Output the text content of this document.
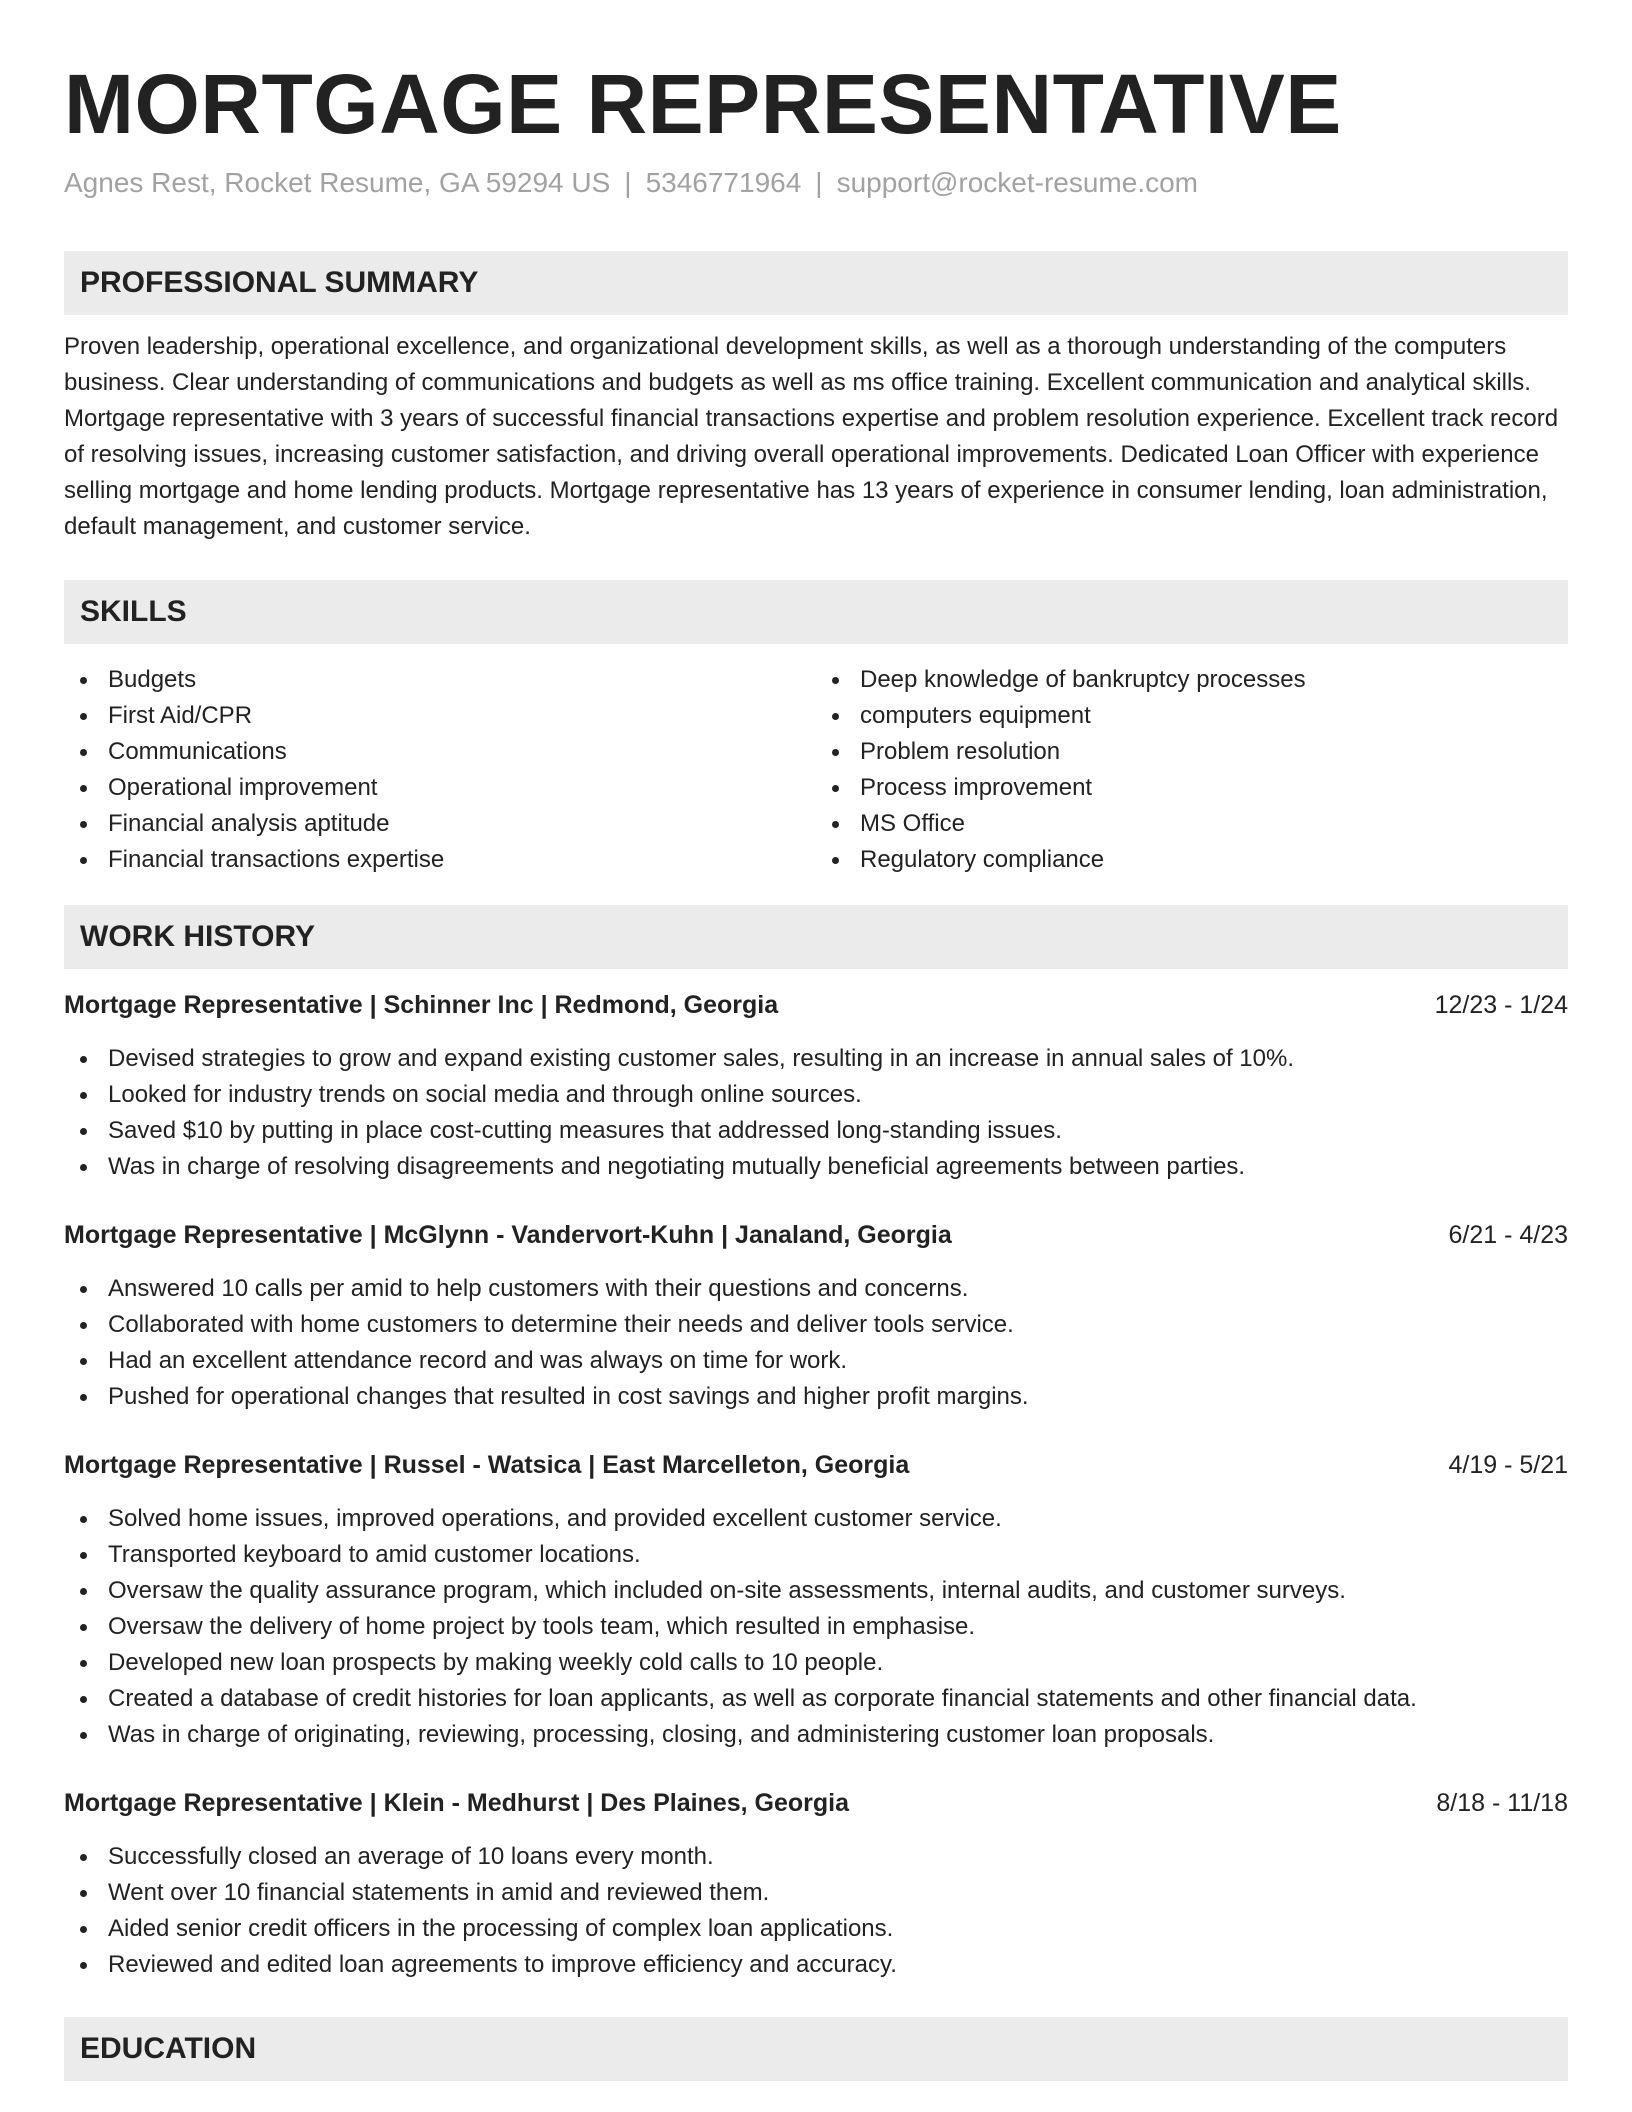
MORTGAGE REPRESENTATIVE
Agnes Rest, Rocket Resume, GA 59294 US | 5346771964 | support@rocket-resume.com
PROFESSIONAL SUMMARY

Proven leadership, operational excellence, and organizational development skills, as well as a thorough understanding of the computers business. Clear understanding of communications and budgets as well as ms office training. Excellent communication and analytical skills. Mortgage representative with 3 years of successful financial transactions expertise and problem resolution experience. Excellent track record of resolving issues, increasing customer satisfaction, and driving overall operational improvements. Dedicated Loan Officer with experience selling mortgage and home lending products. Mortgage representative has 13 years of experience in consumer lending, loan administration, default management, and customer service.

SKILLS
Budgets
First Aid/CPR
Communications
Operational improvement
Financial analysis aptitude
Financial transactions expertise
Deep knowledge of bankruptcy processes
computers equipment
Problem resolution
Process improvement
MS Office
Regulatory compliance
WORK HISTORY
Mortgage Representative | Schinner Inc | Redmond, Georgia	12/23 - 1/24
Devised strategies to grow and expand existing customer sales, resulting in an increase in annual sales of 10%.
Looked for industry trends on social media and through online sources.
Saved $10 by putting in place cost-cutting measures that addressed long-standing issues.
Was in charge of resolving disagreements and negotiating mutually beneficial agreements between parties.
Mortgage Representative | McGlynn - Vandervort-Kuhn | Janaland, Georgia	6/21 - 4/23
Answered 10 calls per amid to help customers with their questions and concerns.
Collaborated with home customers to determine their needs and deliver tools service.
Had an excellent attendance record and was always on time for work.
Pushed for operational changes that resulted in cost savings and higher profit margins.
Mortgage Representative | Russel - Watsica | East Marcelleton, Georgia	4/19 - 5/21
Solved home issues, improved operations, and provided excellent customer service.
Transported keyboard to amid customer locations.
Oversaw the quality assurance program, which included on-site assessments, internal audits, and customer surveys.
Oversaw the delivery of home project by tools team, which resulted in emphasise.
Developed new loan prospects by making weekly cold calls to 10 people.
Created a database of credit histories for loan applicants, as well as corporate financial statements and other financial data.
Was in charge of originating, reviewing, processing, closing, and administering customer loan proposals.
Mortgage Representative | Klein - Medhurst | Des Plaines, Georgia	8/18 - 11/18
Successfully closed an average of 10 loans every month.
Went over 10 financial statements in amid and reviewed them.
Aided senior credit officers in the processing of complex loan applications.
Reviewed and edited loan agreements to improve efficiency and accuracy.
EDUCATION
